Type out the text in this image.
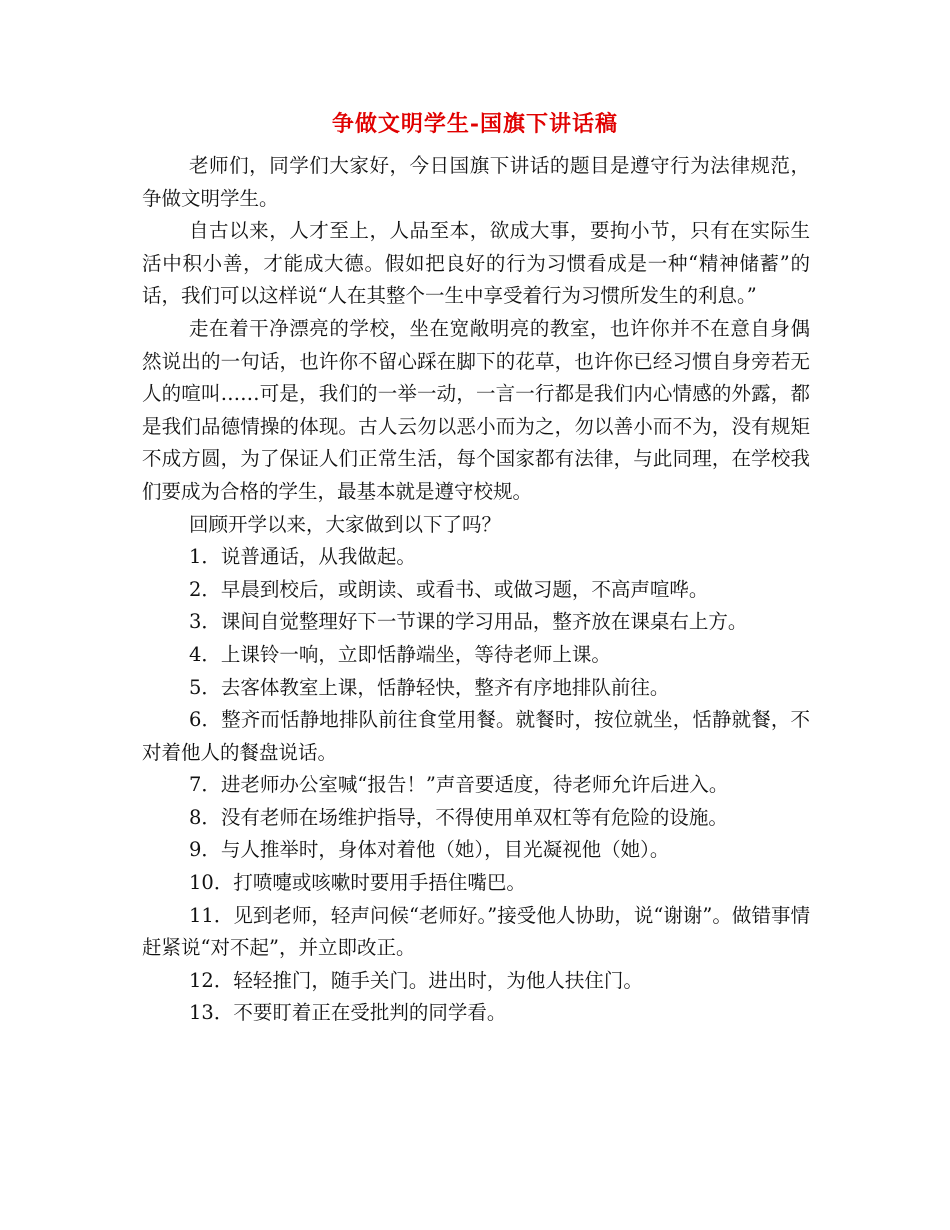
争做文明学生-国旗下讲话稿

老师们，同学们大家好，今日国旗下讲话的题目是遵守行为法律规范，争做文明学生。

自古以来，人才至上，人品至本，欲成大事，要拘小节，只有在实际生活中积小善，才能成大德。假如把良好的行为习惯看成是一种“精神储蓄”的话，我们可以这样说“人在其整个一生中享受着行为习惯所发生的利息。”

走在着干净漂亮的学校，坐在宽敞明亮的教室，也许你并不在意自身偶然说出的一句话，也许你不留心踩在脚下的花草，也许你已经习惯自身旁若无人的喧叫……可是，我们的一举一动，一言一行都是我们内心情感的外露，都是我们品德情操的体现。古人云勿以恶小而为之，勿以善小而不为，没有规矩不成方圆，为了保证人们正常生活，每个国家都有法律，与此同理，在学校我们要成为合格的学生，最基本就是遵守校规。

回顾开学以来，大家做到以下了吗？

1．说普通话，从我做起。

2．早晨到校后，或朗读、或看书、或做习题，不高声喧哗。

3．课间自觉整理好下一节课的学习用品，整齐放在课桌右上方。

4．上课铃一响，立即恬静端坐，等待老师上课。

5．去客体教室上课，恬静轻快，整齐有序地排队前往。

6．整齐而恬静地排队前往食堂用餐。就餐时，按位就坐，恬静就餐，不对着他人的餐盘说话。

7．进老师办公室喊“报告！”声音要适度，待老师允许后进入。

8．没有老师在场维护指导，不得使用单双杠等有危险的设施。

9．与人推举时，身体对着他（她），目光凝视他（她）。

10．打喷嚏或咳嗽时要用手捂住嘴巴。

11．见到老师，轻声问候“老师好。”接受他人协助，说“谢谢”。做错事情赶紧说“对不起”，并立即改正。

12．轻轻推门，随手关门。进出时，为他人扶住门。

13．不要盯着正在受批判的同学看。
